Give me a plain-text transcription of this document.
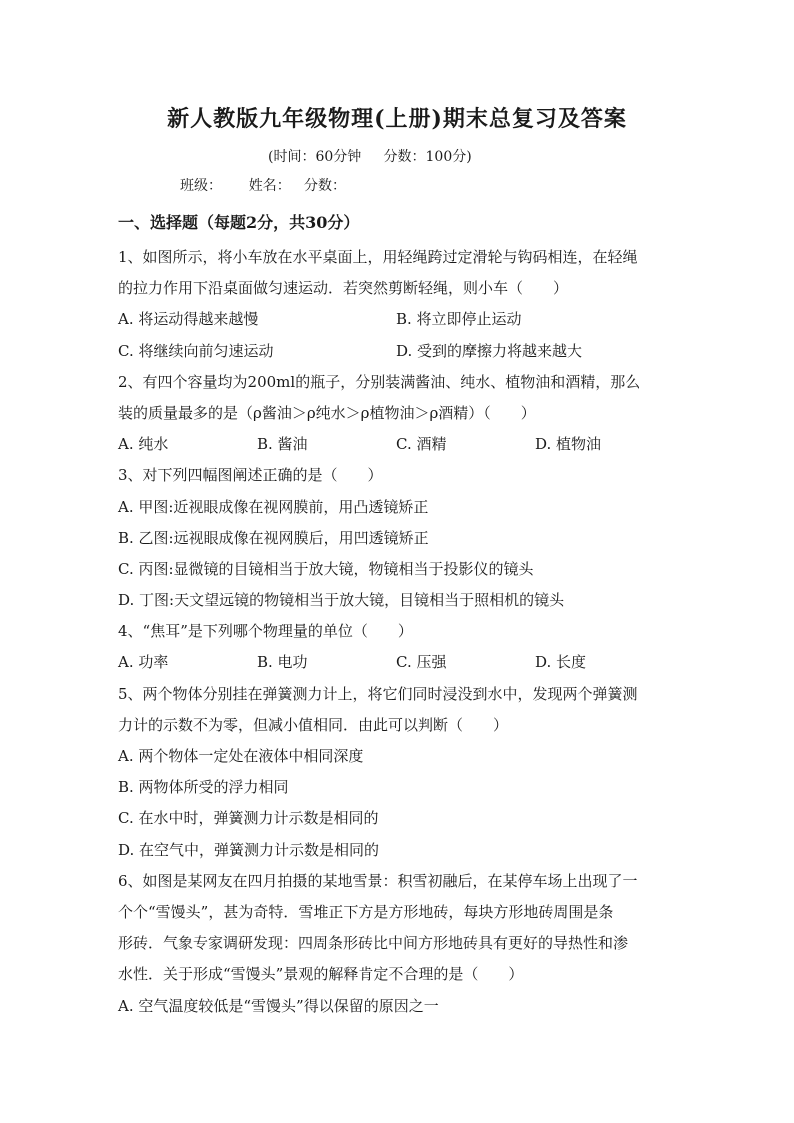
新人教版九年级物理(上册)期末总复习及答案
(时间：60分钟     分数：100分)
班级：      姓名：   分数：
一、选择题（每题2分，共30分）
1、如图所示，将小车放在水平桌面上，用轻绳跨过定滑轮与钩码相连，在轻绳
的拉力作用下沿桌面做匀速运动．若突然剪断轻绳，则小车（　　）
A. 将运动得越来越慢	B. 将立即停止运动
C. 将继续向前匀速运动	D. 受到的摩擦力将越来越大
2、有四个容量均为200ml的瓶子，分别装满酱油、纯水、植物油和酒精，那么
装的质量最多的是（ρ酱油＞ρ纯水＞ρ植物油＞ρ酒精）（　　）
A. 纯水	B. 酱油	C. 酒精	D. 植物油
3、对下列四幅图阐述正确的是（　　）
A. 甲图:近视眼成像在视网膜前，用凸透镜矫正
B. 乙图:远视眼成像在视网膜后，用凹透镜矫正
C. 丙图:显微镜的目镜相当于放大镜，物镜相当于投影仪的镜头
D. 丁图:天文望远镜的物镜相当于放大镜，目镜相当于照相机的镜头
4、“焦耳”是下列哪个物理量的单位（　　）
A. 功率	B. 电功	C. 压强	D. 长度
5、两个物体分别挂在弹簧测力计上，将它们同时浸没到水中，发现两个弹簧测
力计的示数不为零，但减小值相同．由此可以判断（　　）
A. 两个物体一定处在液体中相同深度
B. 两物体所受的浮力相同
C. 在水中时，弹簧测力计示数是相同的
D. 在空气中，弹簧测力计示数是相同的
6、如图是某网友在四月拍摄的某地雪景：积雪初融后，在某停车场上出现了一
个个“雪馒头”，甚为奇特．雪堆正下方是方形地砖，每块方形地砖周围是条
形砖．气象专家调研发现：四周条形砖比中间方形地砖具有更好的导热性和渗
水性．关于形成“雪馒头”景观的解释肯定不合理的是（　　）
A. 空气温度较低是“雪馒头”得以保留的原因之一
